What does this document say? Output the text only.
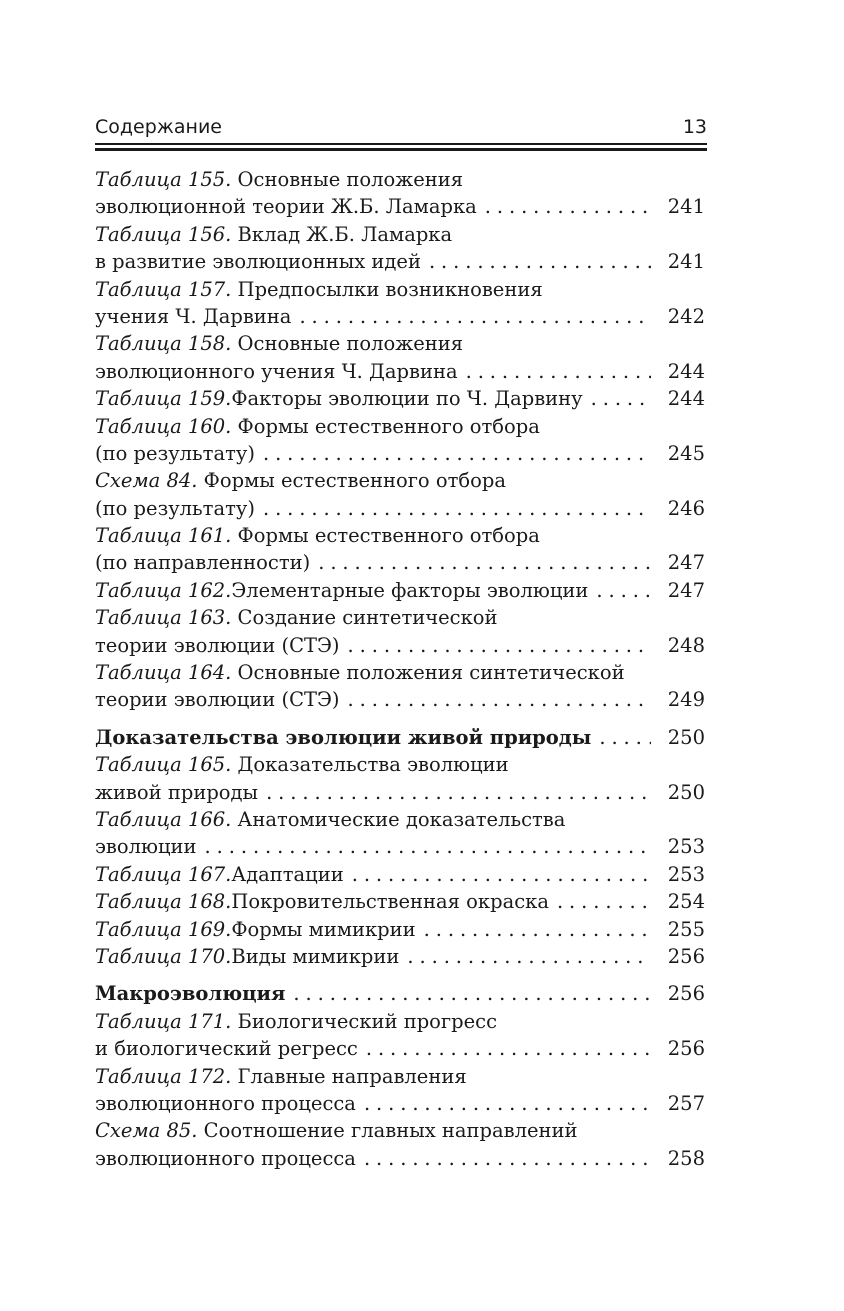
Содержание	13
Таблица 155. Основные положения
эволюционной теории Ж.Б. Ламарка .....	241
Таблица 156. Вклад Ж.Б. Ламарка
в развитие эволюционных идей .....	241
Таблица 157. Предпосылки возникновения
учения Ч. Дарвина .....	242
Таблица 158. Основные положения
эволюционного учения Ч. Дарвина .....	244
Таблица 159. Факторы эволюции по Ч. Дарвину .....	244
Таблица 160. Формы естественного отбора
(по результату) .....	245
Схема 84. Формы естественного отбора
(по результату) .....	246
Таблица 161. Формы естественного отбора
(по направленности) .....	247
Таблица 162. Элементарные факторы эволюции .....	247
Таблица 163. Создание синтетической
теории эволюции (СТЭ) .....	248
Таблица 164. Основные положения синтетической
теории эволюции (СТЭ) .....	249
Доказательства эволюции живой природы .....	250
Таблица 165. Доказательства эволюции
живой природы .....	250
Таблица 166. Анатомические доказательства
эволюции .....	253
Таблица 167. Адаптации .....	253
Таблица 168. Покровительственная окраска .....	254
Таблица 169. Формы мимикрии .....	255
Таблица 170. Виды мимикрии .....	256
Макроэволюция .....	256
Таблица 171. Биологический прогресс
и биологический регресс .....	256
Таблица 172. Главные направления
эволюционного процесса .....	257
Схема 85. Соотношение главных направлений
эволюционного процесса .....	258
